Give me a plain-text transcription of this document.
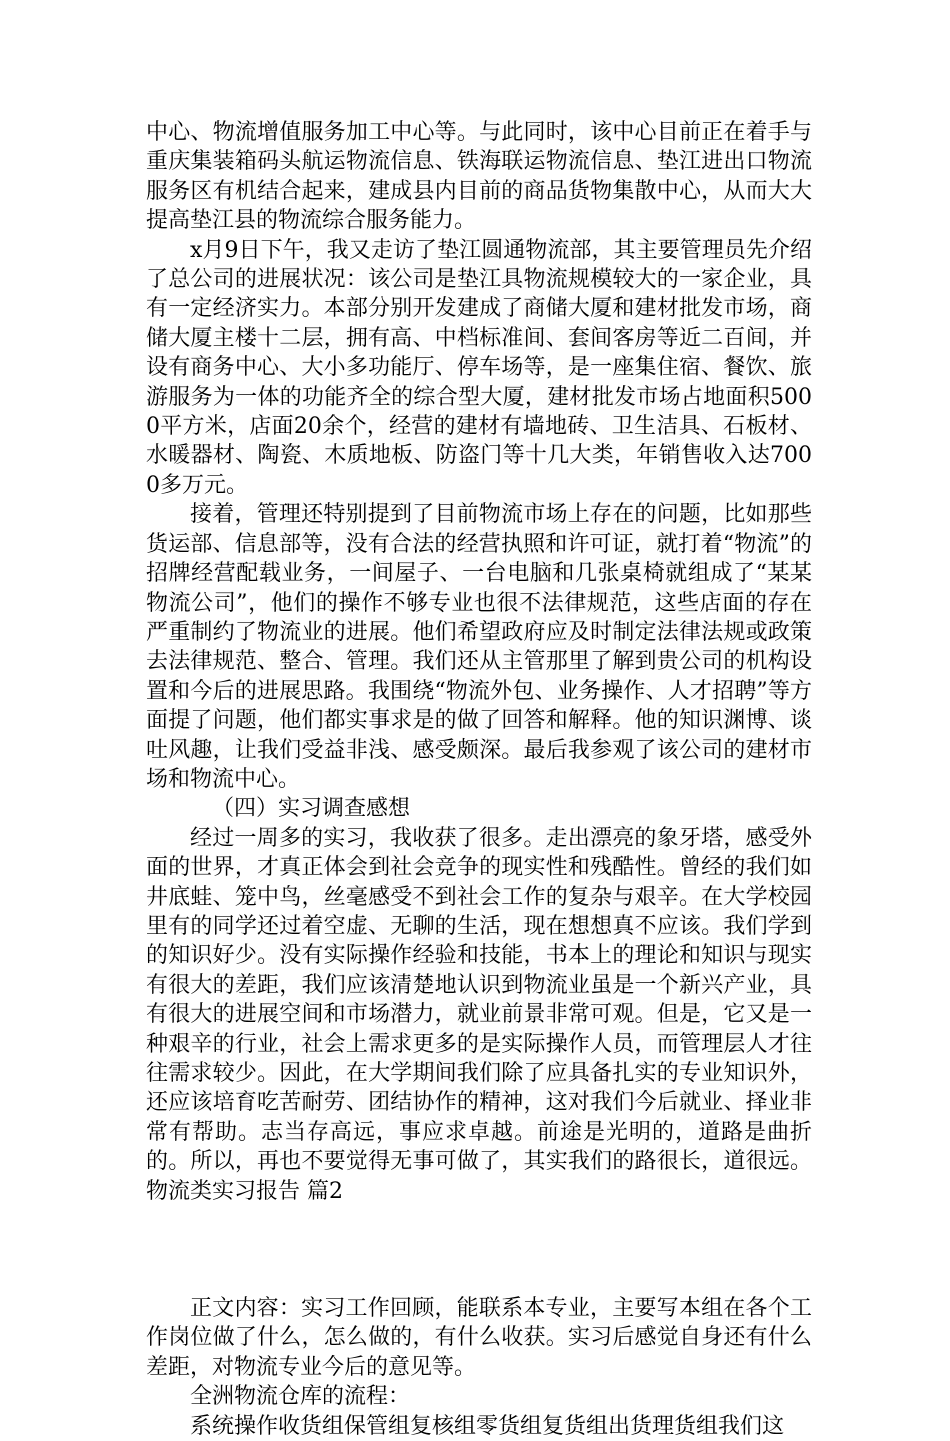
中心、物流增值服务加工中心等。与此同时，该中心目前正在着手与重庆集装箱码头航运物流信息、铁海联运物流信息、垫江进出口物流服务区有机结合起来，建成县内目前的商品货物集散中心，从而大大提高垫江县的物流综合服务能力。

x月9日下午，我又走访了垫江圆通物流部，其主要管理员先介绍了总公司的进展状况：该公司是垫江具物流规模较大的一家企业，具有一定经济实力。本部分别开发建成了商储大厦和建材批发市场，商储大厦主楼十二层，拥有高、中档标准间、套间客房等近二百间，并设有商务中心、大小多功能厅、停车场等，是一座集住宿、餐饮、旅游服务为一体的功能齐全的综合型大厦，建材批发市场占地面积5000平方米，店面20余个，经营的建材有墙地砖、卫生洁具、石板材、水暖器材、陶瓷、木质地板、防盗门等十几大类，年销售收入达7000多万元。

接着，管理还特别提到了目前物流市场上存在的问题，比如那些货运部、信息部等，没有合法的经营执照和许可证，就打着“物流”的招牌经营配载业务，一间屋子、一台电脑和几张桌椅就组成了“某某物流公司”，他们的操作不够专业也很不法律规范，这些店面的存在严重制约了物流业的进展。他们希望政府应及时制定法律法规或政策去法律规范、整合、管理。我们还从主管那里了解到贵公司的机构设置和今后的进展思路。我围绕“物流外包、业务操作、人才招聘”等方面提了问题，他们都实事求是的做了回答和解释。他的知识渊博、谈吐风趣，让我们受益非浅、感受颇深。最后我参观了该公司的建材市场和物流中心。

（四）实习调查感想

经过一周多的实习，我收获了很多。走出漂亮的象牙塔，感受外面的世界，才真正体会到社会竞争的现实性和残酷性。曾经的我们如井底蛙、笼中鸟，丝毫感受不到社会工作的复杂与艰辛。在大学校园里有的同学还过着空虚、无聊的生活，现在想想真不应该。我们学到的知识好少。没有实际操作经验和技能，书本上的理论和知识与现实有很大的差距，我们应该清楚地认识到物流业虽是一个新兴产业，具有很大的进展空间和市场潜力，就业前景非常可观。但是，它又是一种艰辛的行业，社会上需求更多的是实际操作人员，而管理层人才往往需求较少。因此，在大学期间我们除了应具备扎实的专业知识外，还应该培育吃苦耐劳、团结协作的精神，这对我们今后就业、择业非常有帮助。志当存高远，事应求卓越。前途是光明的，道路是曲折的。所以，再也不要觉得无事可做了，其实我们的路很长，道很远。物流类实习报告 篇2

正文内容：实习工作回顾，能联系本专业，主要写本组在各个工作岗位做了什么，怎么做的，有什么收获。实习后感觉自身还有什么差距，对物流专业今后的意见等。

全洲物流仓库的流程：

系统操作收货组保管组复核组零货组复货组出货理货组我们这
